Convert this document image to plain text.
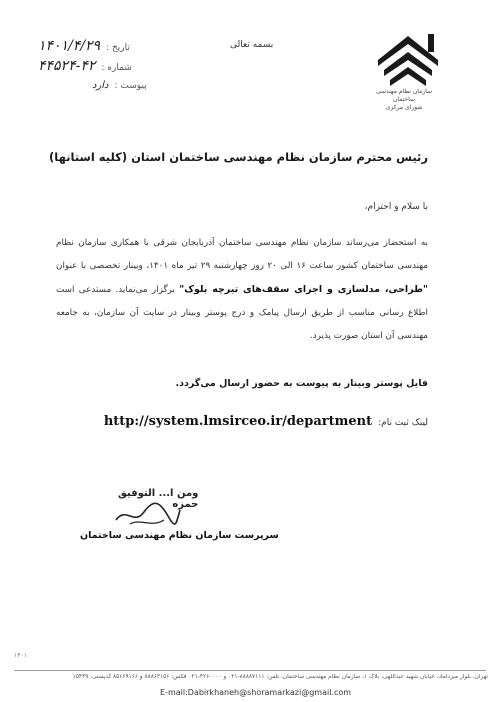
۱۴۰۱/۴/۲۹ تاریخ :
۴۴۵۲۴-۴۲ شماره :
دارد پیوست :
بسمه تعالی
سازمان نظام مهندسی ساختمان
شورای مرکزی
رئیس محترم سازمان نظام مهندسی ساختمان استان (کلیه استانها)
با سلام و احترام،
به استحضار می‌رساند سازمان نظام مهندسی ساختمان آذربایجان شرقی با همکاری سازمان نظام مهندسی ساختمان کشور ساعت ۱۶ الی ۲۰ روز چهارشنبه ۲۹ تیر ماه ۱۴۰۱، وبینار تخصصی با عنوان "طراحی، مدلسازی و اجرای سقف‌های تیرچه بلوک" برگزار می‌نماید. مستدعی است اطلاع رسانی مناسب از طریق ارسال پیامک و درج پوستر وبینار در سایت آن سازمان، به جامعه مهندسی آن استان صورت پذیرد.
فایل پوستر وبینار به پیوست به حضور ارسال می‌گردد.
لینک ثبت نام:
http://system.lmsirceo.ir/department
ومن ا... التوفیق
حمزه
سرپرست سازمان نظام مهندسی ساختمان
۱۴۰۱
تهران، بلوار میرداماد، خیابان شهید عبداللهی، بلاک ۱، سازمان نظام مهندسی ساختمان، تلفن: ۸۸۸۸۷۱۱۱-۰۲۱ و ۴۲۶۰۰۰۰-۰۲۱ فکس: ۸۸۸۶۳۱۵۶ و ۸۵۶۶۹۱۶۶ کدپستی: ۱۵۴۳۹
E-mail:Dabirkhaneh@shoramarkazi@gmail.com
